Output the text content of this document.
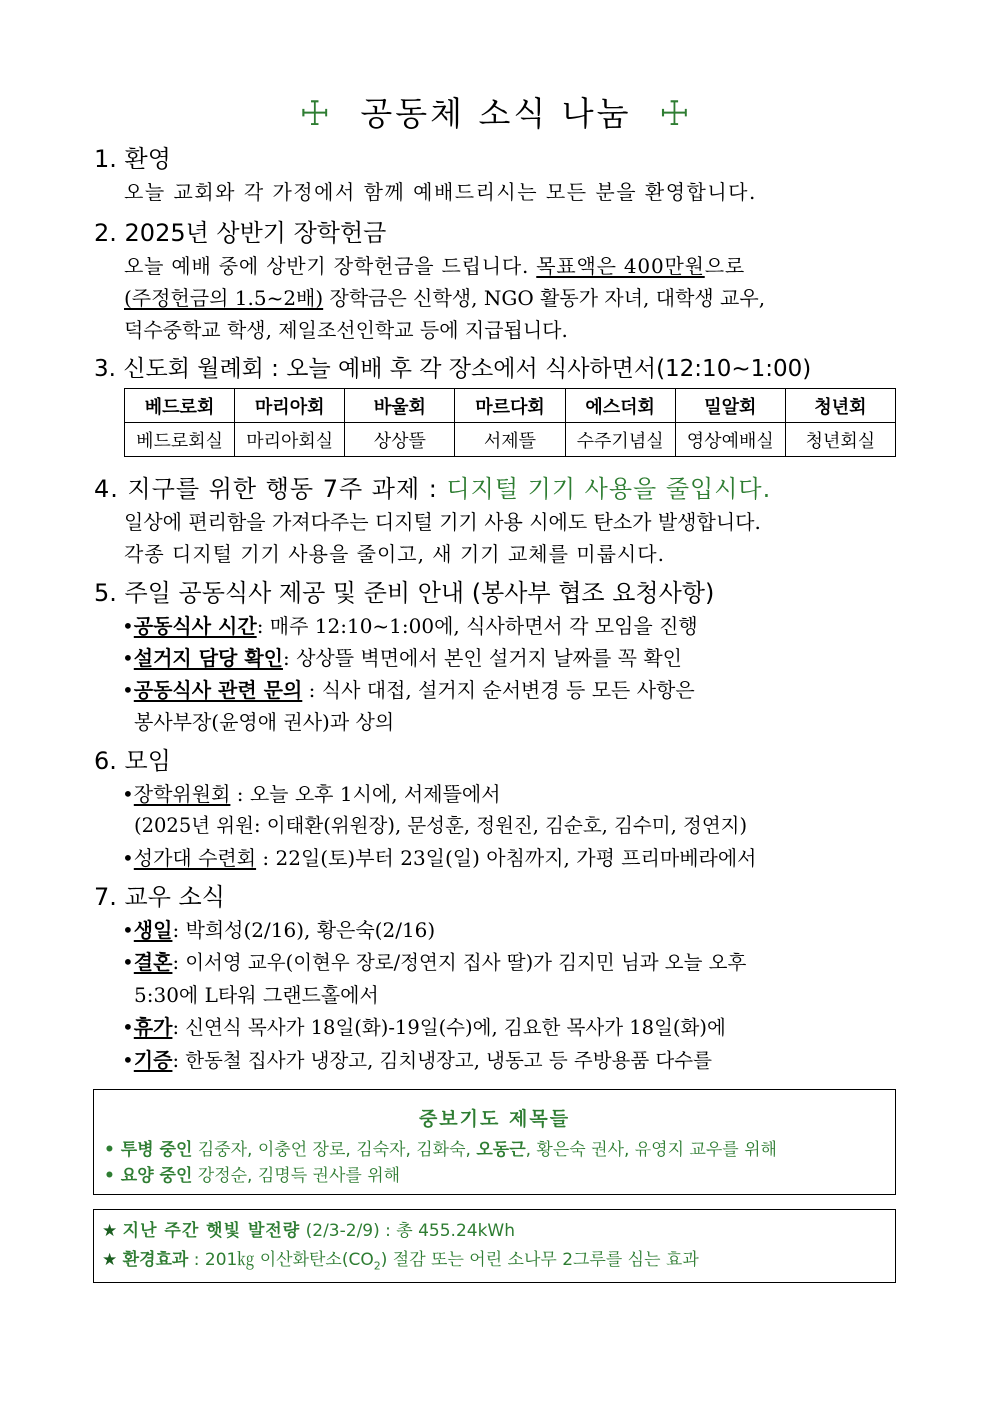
☩ 공동체 소식 나눔 ☩
1. 환영
오늘 교회와 각 가정에서 함께 예배드리시는 모든 분을 환영합니다.
2. 2025년 상반기 장학헌금
오늘 예배 중에 상반기 장학헌금을 드립니다. 목표액은 400만원으로
(주정헌금의 1.5~2배) 장학금은 신학생, NGO 활동가 자녀, 대학생 교우,
덕수중학교 학생, 제일조선인학교 등에 지급됩니다.
3. 신도회 월례회 : 오늘 예배 후 각 장소에서 식사하면서(12:10~1:00)
베드로회	마리아회	바울회	마르다회	에스더회	밀알회	청년회
베드로회실	마리아회실	상상뜰	서제뜰	수주기념실	영상예배실	청년회실
4. 지구를 위한 행동 7주 과제 : 디지털 기기 사용을 줄입시다.
일상에 편리함을 가져다주는 디지털 기기 사용 시에도 탄소가 발생합니다.
각종 디지털 기기 사용을 줄이고, 새 기기 교체를 미룹시다.
5. 주일 공동식사 제공 및 준비 안내 (봉사부 협조 요청사항)
•공동식사 시간: 매주 12:10~1:00에, 식사하면서 각 모임을 진행
•설거지 담당 확인: 상상뜰 벽면에서 본인 설거지 날짜를 꼭 확인
•공동식사 관련 문의 : 식사 대접, 설거지 순서변경 등 모든 사항은
봉사부장(윤영애 권사)과 상의
6. 모임
•장학위원회 : 오늘 오후 1시에, 서제뜰에서
(2025년 위원: 이태환(위원장), 문성훈, 정원진, 김순호, 김수미, 정연지)
•성가대 수련회 : 22일(토)부터 23일(일) 아침까지, 가평 프리마베라에서
7. 교우 소식
•생일: 박희성(2/16), 황은숙(2/16)
•결혼: 이서영 교우(이현우 장로/정연지 집사 딸)가 김지민 님과 오늘 오후
5:30에 L타워 그랜드홀에서
•휴가: 신연식 목사가 18일(화)-19일(수)에, 김요한 목사가 18일(화)에
•기증: 한동철 집사가 냉장고, 김치냉장고, 냉동고 등 주방용품 다수를
중보기도 제목들
• 투병 중인 김중자, 이충언 장로, 김숙자, 김화숙, 오동근, 황은숙 권사, 유영지 교우를 위해
• 요양 중인 강정순, 김명득 권사를 위해
★ 지난 주간 햇빛 발전량 (2/3-2/9) : 총 455.24kWh
★ 환경효과 : 201㎏ 이산화탄소$(CO_2)$ 절감 또는 어린 소나무 2그루를 심는 효과
